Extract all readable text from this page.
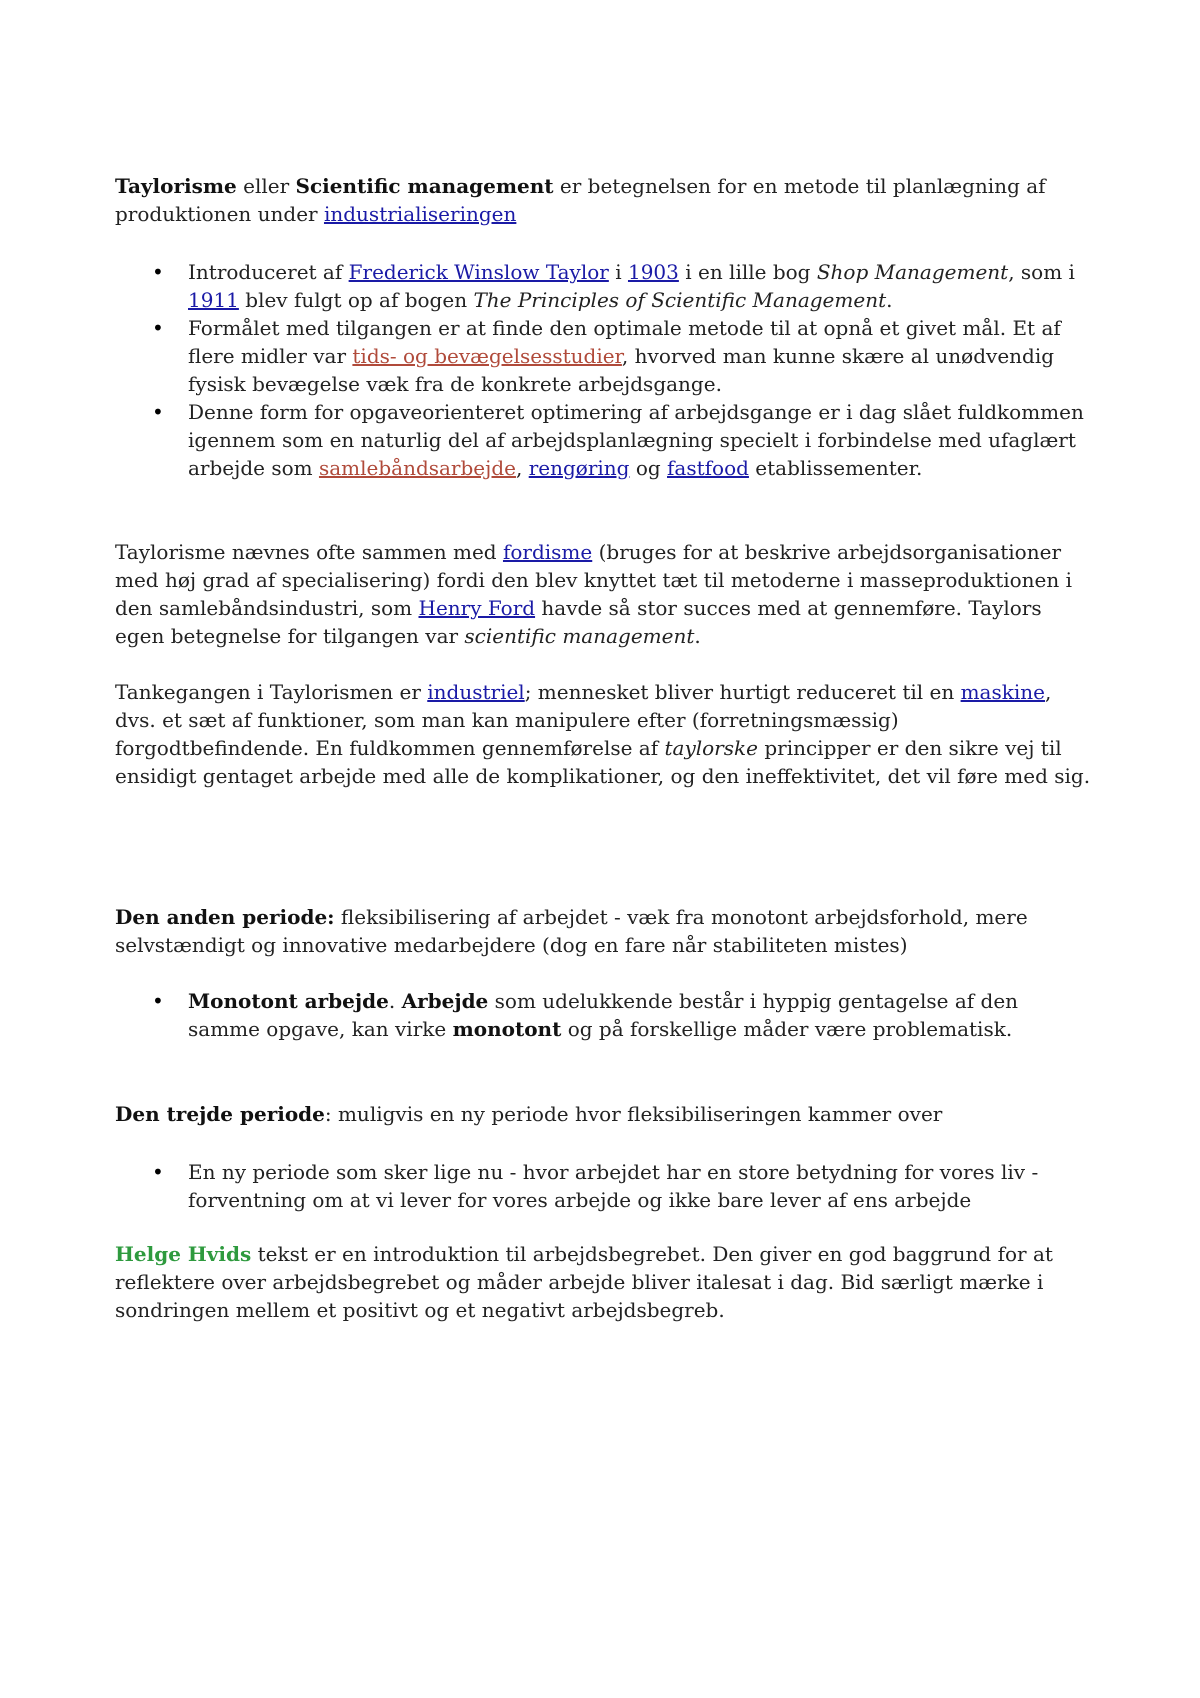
Taylorisme eller Scientific management er betegnelsen for en metode til planlægning af produktionen under industrialiseringen

• Introduceret af Frederick Winslow Taylor i 1903 i en lille bog Shop Management, som i 1911 blev fulgt op af bogen The Principles of Scientific Management.
• Formålet med tilgangen er at finde den optimale metode til at opnå et givet mål. Et af flere midler var tids- og bevægelsesstudier, hvorved man kunne skære al unødvendig fysisk bevægelse væk fra de konkrete arbejdsgange.
• Denne form for opgaveorienteret optimering af arbejdsgange er i dag slået fuldkommen igennem som en naturlig del af arbejdsplanlægning specielt i forbindelse med ufaglært arbejde som samlebåndsarbejde, rengøring og fastfood etablissementer.

Taylorisme nævnes ofte sammen med fordisme (bruges for at beskrive arbejdsorganisationer med høj grad af specialisering) fordi den blev knyttet tæt til metoderne i masseproduktionen i den samlebåndsindustri, som Henry Ford havde så stor succes med at gennemføre. Taylors egen betegnelse for tilgangen var scientific management.

Tankegangen i Taylorismen er industriel; mennesket bliver hurtigt reduceret til en maskine, dvs. et sæt af funktioner, som man kan manipulere efter (forretningsmæssig) forgodtbefindende. En fuldkommen gennemførelse af taylorske principper er den sikre vej til ensidigt gentaget arbejde med alle de komplikationer, og den ineffektivitet, det vil føre med sig.

Den anden periode: fleksibilisering af arbejdet - væk fra monotont arbejdsforhold, mere selvstændigt og innovative medarbejdere (dog en fare når stabiliteten mistes)

• Monotont arbejde. Arbejde som udelukkende består i hyppig gentagelse af den samme opgave, kan virke monotont og på forskellige måder være problematisk.

Den trejde periode: muligvis en ny periode hvor fleksibiliseringen kammer over

• En ny periode som sker lige nu - hvor arbejdet har en store betydning for vores liv - forventning om at vi lever for vores arbejde og ikke bare lever af ens arbejde

Helge Hvids tekst er en introduktion til arbejdsbegrebet. Den giver en god baggrund for at reflektere over arbejdsbegrebet og måder arbejde bliver italesat i dag. Bid særligt mærke i sondringen mellem et positivt og et negativt arbejdsbegreb.
